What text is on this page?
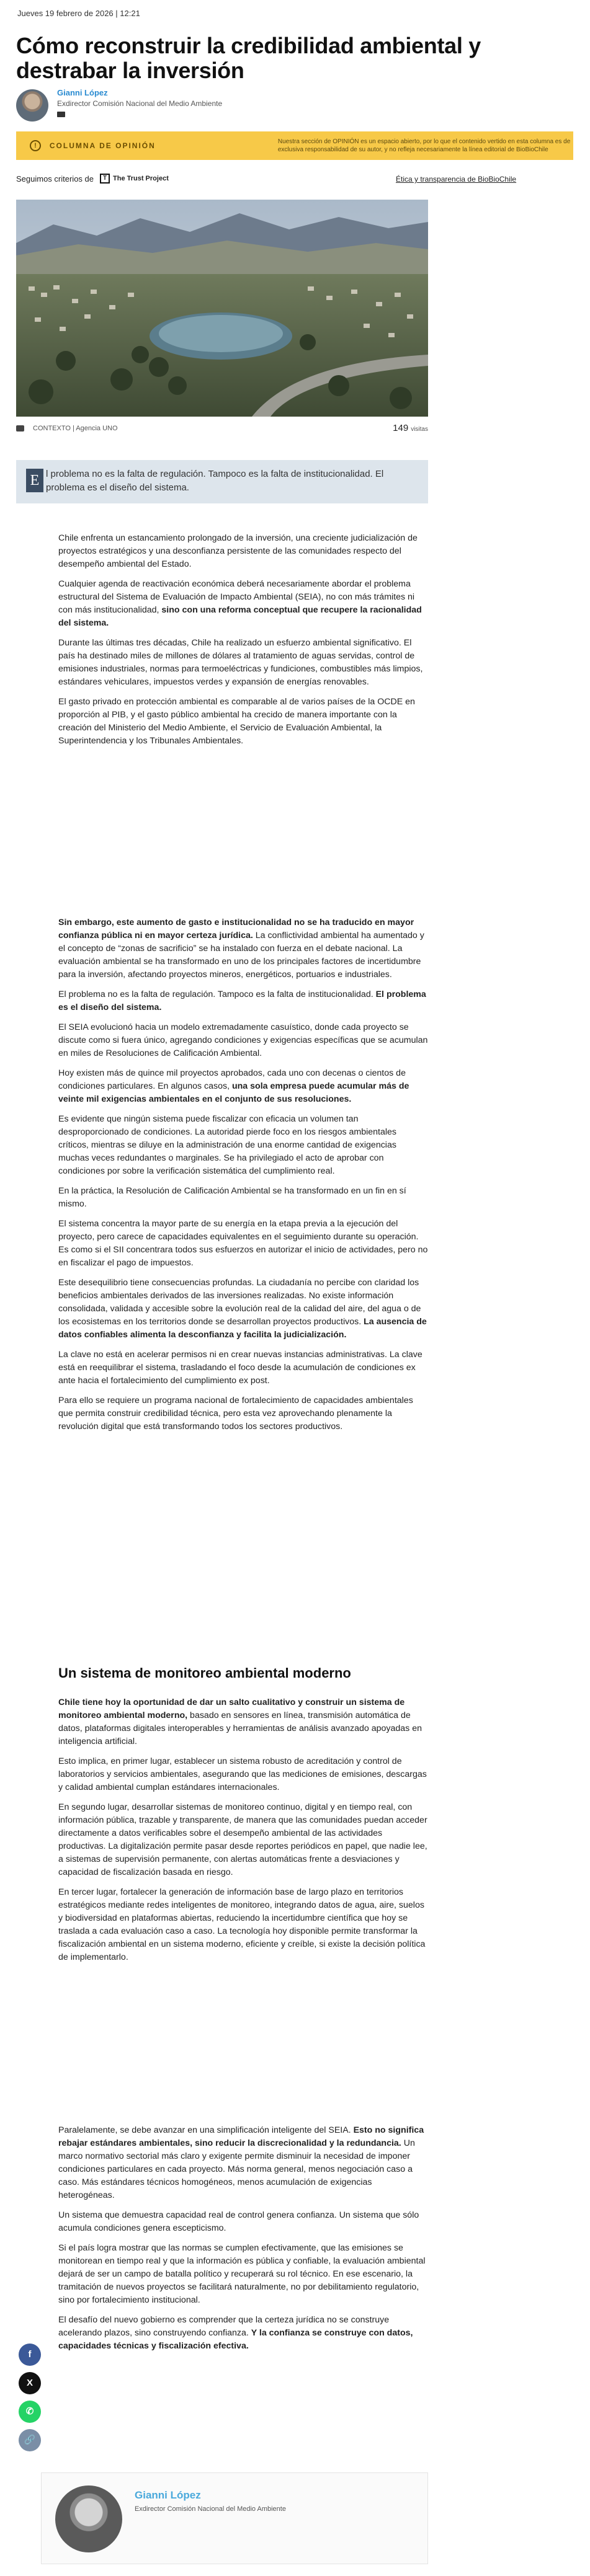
Jueves 19 febrero de 2026 | 12:21
Cómo reconstruir la credibilidad ambiental y destrabar la inversión
Gianni López
Exdirector Comisión Nacional del Medio Ambiente
!	COLUMNA DE OPINIÓN	Nuestra sección de OPINIÓN es un espacio abierto, por lo que el contenido vertido en esta columna es de exclusiva responsabilidad de su autor, y no refleja necesariamente la línea editorial de BioBioChile
Seguimos criterios de	T The Trust Project	Ética y transparencia de BioBioChile
CONTEXTO | Agencia UNO	149 visitas
E l problema no es la falta de regulación. Tampoco es la falta de institucionalidad. El problema es el diseño del sistema.

Chile enfrenta un estancamiento prolongado de la inversión, una creciente judicialización de proyectos estratégicos y una desconfianza persistente de las comunidades respecto del desempeño ambiental del Estado.

Cualquier agenda de reactivación económica deberá necesariamente abordar el problema estructural del Sistema de Evaluación de Impacto Ambiental (SEIA), no con más trámites ni con más institucionalidad, sino con una reforma conceptual que recupere la racionalidad del sistema.

Durante las últimas tres décadas, Chile ha realizado un esfuerzo ambiental significativo. El país ha destinado miles de millones de dólares al tratamiento de aguas servidas, control de emisiones industriales, normas para termoeléctricas y fundiciones, combustibles más limpios, estándares vehiculares, impuestos verdes y expansión de energías renovables.

El gasto privado en protección ambiental es comparable al de varios países de la OCDE en proporción al PIB, y el gasto público ambiental ha crecido de manera importante con la creación del Ministerio del Medio Ambiente, el Servicio de Evaluación Ambiental, la Superintendencia y los Tribunales Ambientales.

Sin embargo, este aumento de gasto e institucionalidad no se ha traducido en mayor confianza pública ni en mayor certeza jurídica. La conflictividad ambiental ha aumentado y el concepto de “zonas de sacrificio” se ha instalado con fuerza en el debate nacional. La evaluación ambiental se ha transformado en uno de los principales factores de incertidumbre para la inversión, afectando proyectos mineros, energéticos, portuarios e industriales.

El problema no es la falta de regulación. Tampoco es la falta de institucionalidad. El problema es el diseño del sistema.

El SEIA evolucionó hacia un modelo extremadamente casuístico, donde cada proyecto se discute como si fuera único, agregando condiciones y exigencias específicas que se acumulan en miles de Resoluciones de Calificación Ambiental.

Hoy existen más de quince mil proyectos aprobados, cada uno con decenas o cientos de condiciones particulares. En algunos casos, una sola empresa puede acumular más de veinte mil exigencias ambientales en el conjunto de sus resoluciones.

Es evidente que ningún sistema puede fiscalizar con eficacia un volumen tan desproporcionado de condiciones. La autoridad pierde foco en los riesgos ambientales críticos, mientras se diluye en la administración de una enorme cantidad de exigencias muchas veces redundantes o marginales. Se ha privilegiado el acto de aprobar con condiciones por sobre la verificación sistemática del cumplimiento real.

En la práctica, la Resolución de Calificación Ambiental se ha transformado en un fin en sí mismo.

El sistema concentra la mayor parte de su energía en la etapa previa a la ejecución del proyecto, pero carece de capacidades equivalentes en el seguimiento durante su operación. Es como si el SII concentrara todos sus esfuerzos en autorizar el inicio de actividades, pero no en fiscalizar el pago de impuestos.

Este desequilibrio tiene consecuencias profundas. La ciudadanía no percibe con claridad los beneficios ambientales derivados de las inversiones realizadas. No existe información consolidada, validada y accesible sobre la evolución real de la calidad del aire, del agua o de los ecosistemas en los territorios donde se desarrollan proyectos productivos. La ausencia de datos confiables alimenta la desconfianza y facilita la judicialización.

La clave no está en acelerar permisos ni en crear nuevas instancias administrativas. La clave está en reequilibrar el sistema, trasladando el foco desde la acumulación de condiciones ex ante hacia el fortalecimiento del cumplimiento ex post.

Para ello se requiere un programa nacional de fortalecimiento de capacidades ambientales que permita construir credibilidad técnica, pero esta vez aprovechando plenamente la revolución digital que está transformando todos los sectores productivos.

Un sistema de monitoreo ambiental moderno

Chile tiene hoy la oportunidad de dar un salto cualitativo y construir un sistema de monitoreo ambiental moderno, basado en sensores en línea, transmisión automática de datos, plataformas digitales interoperables y herramientas de análisis avanzado apoyadas en inteligencia artificial.

Esto implica, en primer lugar, establecer un sistema robusto de acreditación y control de laboratorios y servicios ambientales, asegurando que las mediciones de emisiones, descargas y calidad ambiental cumplan estándares internacionales.

En segundo lugar, desarrollar sistemas de monitoreo continuo, digital y en tiempo real, con información pública, trazable y transparente, de manera que las comunidades puedan acceder directamente a datos verificables sobre el desempeño ambiental de las actividades productivas. La digitalización permite pasar desde reportes periódicos en papel, que nadie lee, a sistemas de supervisión permanente, con alertas automáticas frente a desviaciones y capacidad de fiscalización basada en riesgo.

En tercer lugar, fortalecer la generación de información base de largo plazo en territorios estratégicos mediante redes inteligentes de monitoreo, integrando datos de agua, aire, suelos y biodiversidad en plataformas abiertas, reduciendo la incertidumbre científica que hoy se traslada a cada evaluación caso a caso. La tecnología hoy disponible permite transformar la fiscalización ambiental en un sistema moderno, eficiente y creíble, si existe la decisión política de implementarlo.

Paralelamente, se debe avanzar en una simplificación inteligente del SEIA. Esto no significa rebajar estándares ambientales, sino reducir la discrecionalidad y la redundancia. Un marco normativo sectorial más claro y exigente permite disminuir la necesidad de imponer condiciones particulares en cada proyecto. Más norma general, menos negociación caso a caso. Más estándares técnicos homogéneos, menos acumulación de exigencias heterogéneas.

Un sistema que demuestra capacidad real de control genera confianza. Un sistema que sólo acumula condiciones genera escepticismo.

Si el país logra mostrar que las normas se cumplen efectivamente, que las emisiones se monitorean en tiempo real y que la información es pública y confiable, la evaluación ambiental dejará de ser un campo de batalla político y recuperará su rol técnico. En ese escenario, la tramitación de nuevos proyectos se facilitará naturalmente, no por debilitamiento regulatorio, sino por fortalecimiento institucional.

El desafío del nuevo gobierno es comprender que la certeza jurídica no se construye acelerando plazos, sino construyendo confianza. Y la confianza se construye con datos, capacidades técnicas y fiscalización efectiva.

f
X
✆
🔗
Gianni López
Exdirector Comisión Nacional del Medio Ambiente
